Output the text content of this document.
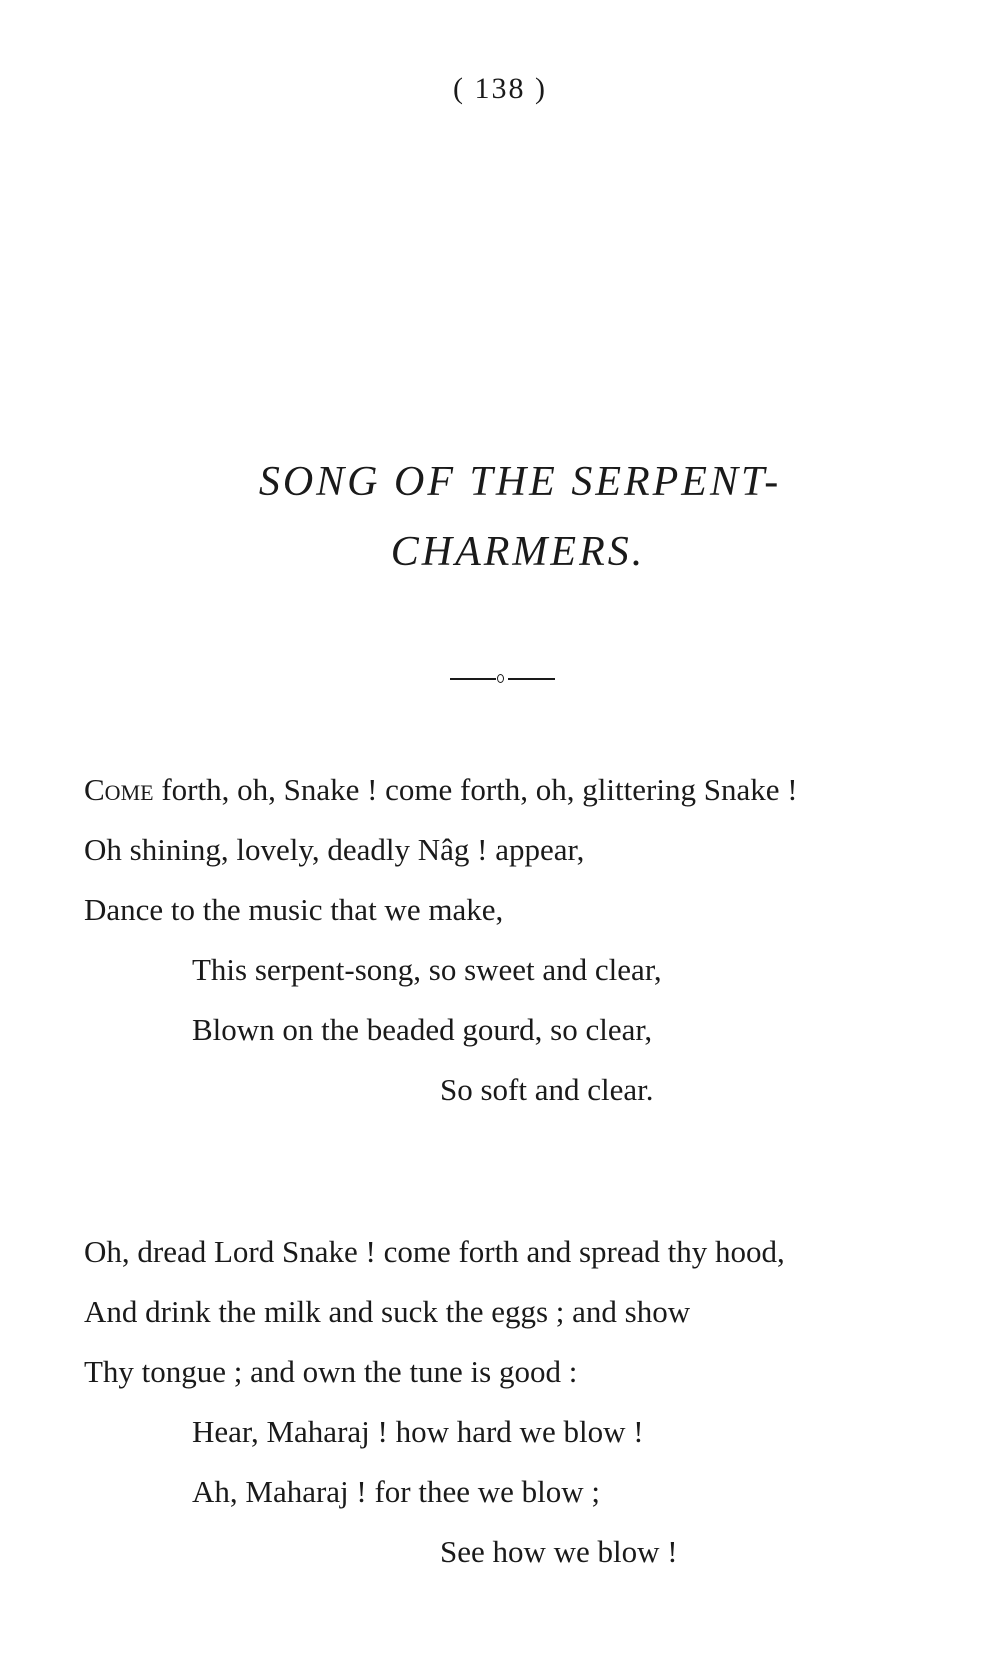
( 138 )
SONG OF THE SERPENT-
CHARMERS.
Come forth, oh, Snake ! come forth, oh, glittering Snake !
Oh shining, lovely, deadly Nâg ! appear,
Dance to the music that we make,
This serpent-song, so sweet and clear,
Blown on the beaded gourd, so clear,
So soft and clear.
Oh, dread Lord Snake ! come forth and spread thy hood,
And drink the milk and suck the eggs ; and show
Thy tongue ; and own the tune is good :
Hear, Maharaj ! how hard we blow !
Ah, Maharaj ! for thee we blow ;
See how we blow !
